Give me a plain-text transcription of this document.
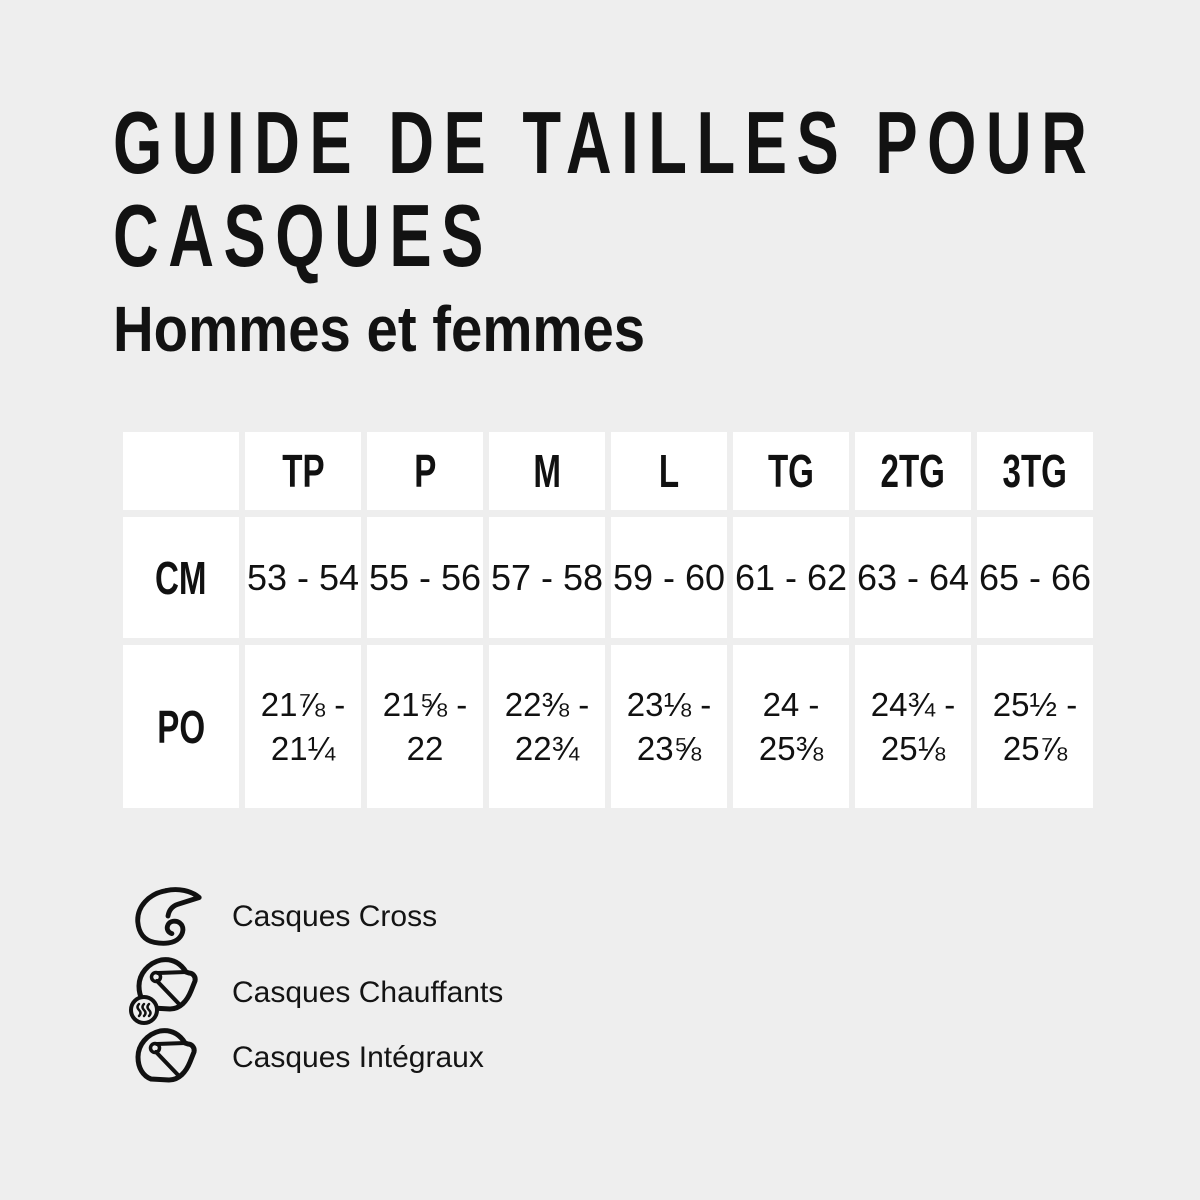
GUIDE DE TAILLES POUR
CASQUES
Hommes et femmes
TP P M L TG 2TG 3TG
CM 53 - 54 55 - 56 57 - 58 59 - 60 61 - 62 63 - 64 65 - 66
PO	21⅞ - 21¼
21⅝ - 22
22⅜ - 22¾
23⅛ - 23⅝
24 - 25⅜
24¾ - 25⅛
25½ - 25⅞
Casques Cross
Casques Chauffants
Casques Intégraux
